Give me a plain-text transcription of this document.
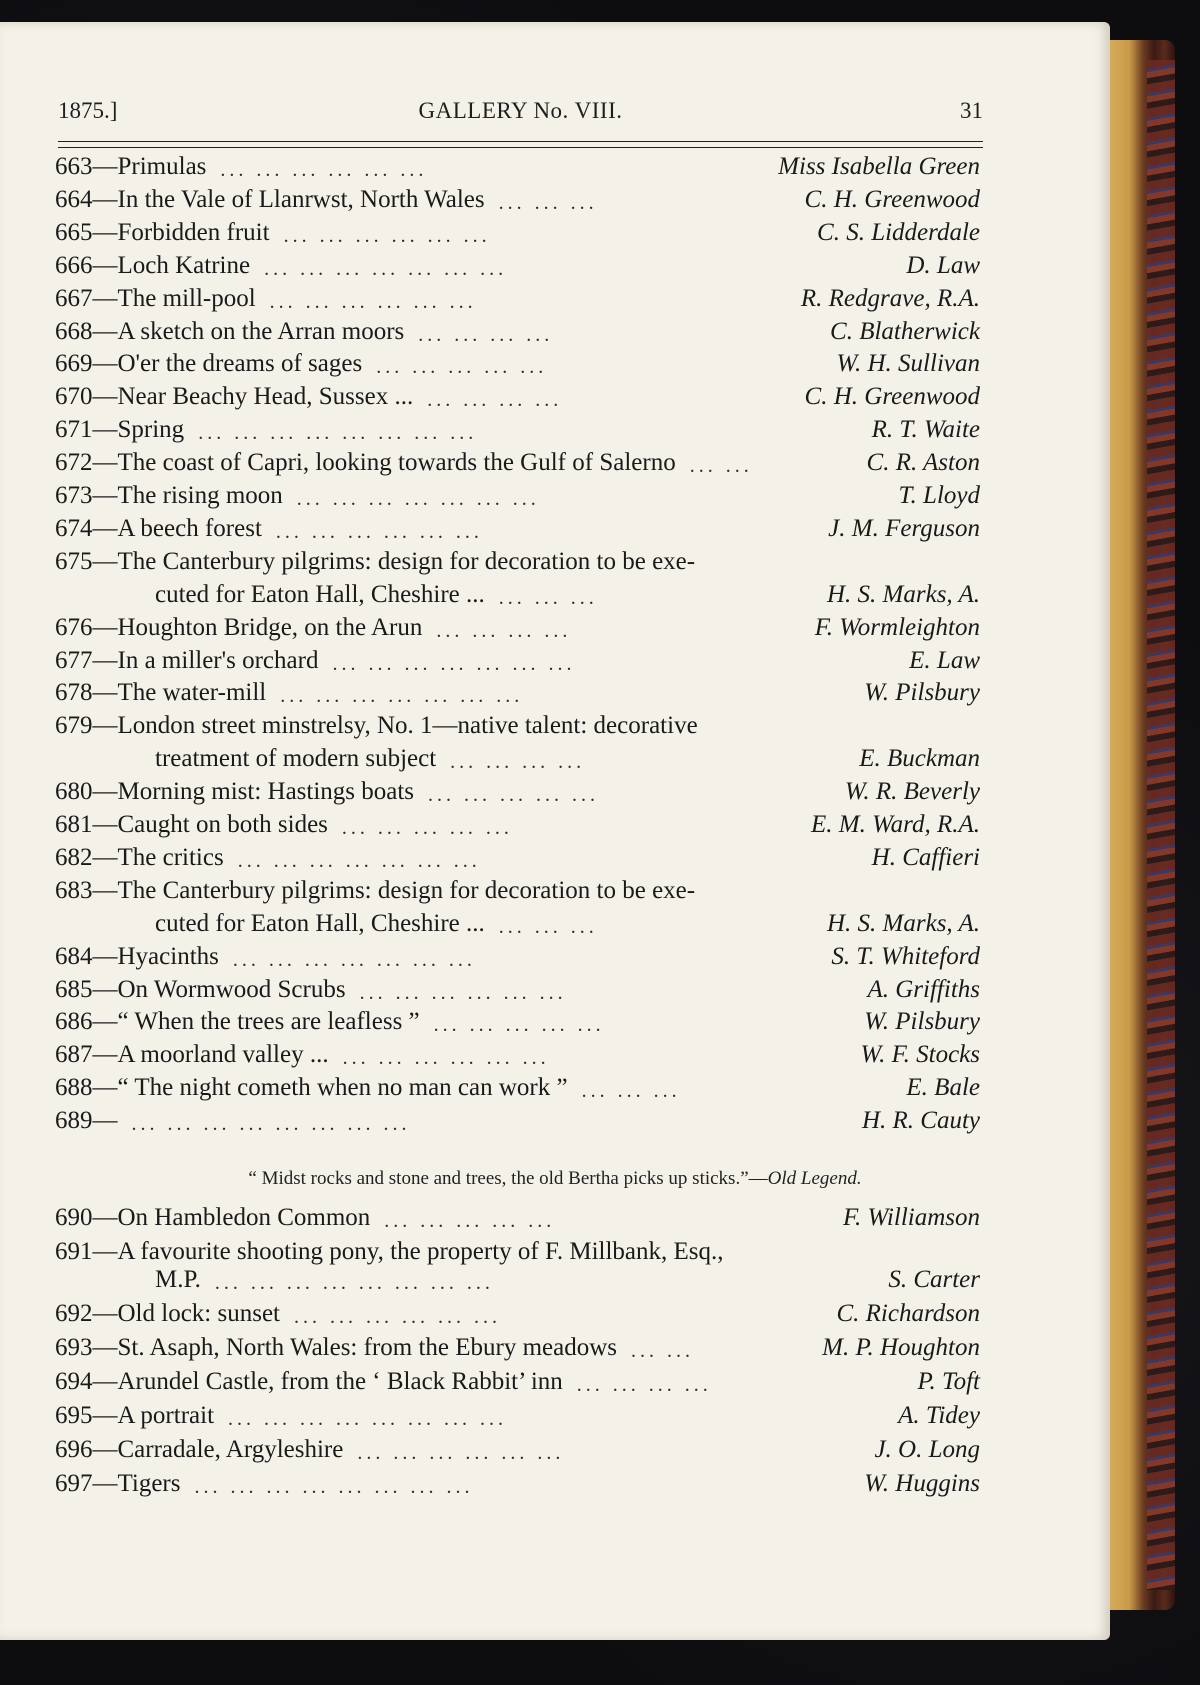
1875.]	GALLERY No. VIII.	31
... ... ... ... ... ...
663—Primulas	Miss Isabella Green
... ... ...
664—In the Vale of Llanrwst, North Wales	C. H. Greenwood
... ... ... ... ... ...
665—Forbidden fruit	C. S. Lidderdale
... ... ... ... ... ... ...
666—Loch Katrine	D. Law
... ... ... ... ... ...
667—The mill-pool	R. Redgrave, R.A.
... ... ... ...
668—A sketch on the Arran moors	C. Blatherwick
... ... ... ... ...
669—O'er the dreams of sages	W. H. Sullivan
... ... ... ...
670—Near Beachy Head, Sussex ...	C. H. Greenwood
... ... ... ... ... ... ... ...
671—Spring	R. T. Waite
... ...
672—The coast of Capri, looking towards the Gulf of Salerno	C. R. Aston
... ... ... ... ... ... ...
673—The rising moon	T. Lloyd
... ... ... ... ... ...
674—A beech forest	J. M. Ferguson
675—The Canterbury pilgrims: design for decoration to be exe-
... ... ...
cuted for Eaton Hall, Cheshire ...	H. S. Marks, A.
... ... ... ...
676—Houghton Bridge, on the Arun	F. Wormleighton
... ... ... ... ... ... ...
677—In a miller's orchard	E. Law
... ... ... ... ... ... ...
678—The water-mill	W. Pilsbury
679—London street minstrelsy, No. 1—native talent: decorative
... ... ... ...
treatment of modern subject	E. Buckman
... ... ... ... ...
680—Morning mist: Hastings boats	W. R. Beverly
... ... ... ... ...
681—Caught on both sides	E. M. Ward, R.A.
... ... ... ... ... ... ...
682—The critics	H. Caffieri
683—The Canterbury pilgrims: design for decoration to be exe-
... ... ...
cuted for Eaton Hall, Cheshire ...	H. S. Marks, A.
... ... ... ... ... ... ...
684—Hyacinths	S. T. Whiteford
... ... ... ... ... ...
685—On Wormwood Scrubs	A. Griffiths
... ... ... ... ...
686—“ When the trees are leafless ”	W. Pilsbury
... ... ... ... ... ...
687—A moorland valley ...	W. F. Stocks
... ... ...
688—“ The night cometh when no man can work ”	E. Bale
... ... ... ... ... ... ... ...
689—	H. R. Cauty
... ... ... ... ...
690—On Hambledon Common	F. Williamson
691—A favourite shooting pony, the property of F. Millbank, Esq.,
... ... ... ... ... ... ... ...
M.P.	S. Carter
... ... ... ... ... ...
692—Old lock: sunset	C. Richardson
... ...
693—St. Asaph, North Wales: from the Ebury meadows	M. P. Houghton
... ... ... ...
694—Arundel Castle, from the ‘ Black Rabbit’ inn	P. Toft
... ... ... ... ... ... ... ...
695—A portrait	A. Tidey
... ... ... ... ... ...
696—Carradale, Argyleshire	J. O. Long
... ... ... ... ... ... ... ...
697—Tigers	W. Huggins
“ Midst rocks and stone and trees, the old Bertha picks up sticks.”—Old Legend.
